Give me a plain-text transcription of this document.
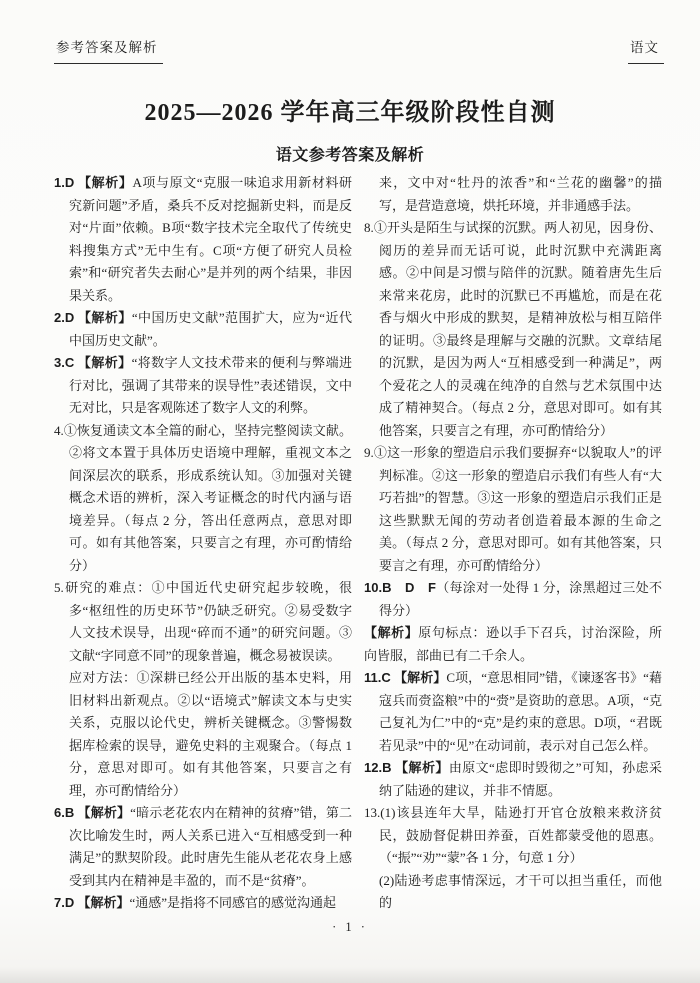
参考答案及解析	语文
2025—2026 学年高三年级阶段性自测
语文参考答案及解析
1.D 【解析】A项与原文“克服一味追求用新材料研究新问题”矛盾，桑兵不反对挖掘新史料，而是反对“片面”依赖。B项“数字技术完全取代了传统史料搜集方式”无中生有。C项“方便了研究人员检索”和“研究者失去耐心”是并列的两个结果，非因果关系。
2.D 【解析】“中国历史文献”范围扩大，应为“近代中国历史文献”。
3.C 【解析】“将数字人文技术带来的便利与弊端进行对比，强调了其带来的误导性”表述错误，文中无对比，只是客观陈述了数字人文的利弊。
4.①恢复通读文本全篇的耐心，坚持完整阅读文献。②将文本置于具体历史语境中理解，重视文本之间深层次的联系，形成系统认知。③加强对关键概念术语的辨析，深入考证概念的时代内涵与语境差异。（每点 2 分，答出任意两点，意思对即可。如有其他答案，只要言之有理，亦可酌情给分）
5.研究的难点：①中国近代史研究起步较晚，很多“枢纽性的历史环节”仍缺乏研究。②易受数字人文技术误导，出现“碎而不通”的研究问题。③文献“字同意不同”的现象普遍，概念易被误读。
应对方法：①深耕已经公开出版的基本史料，用旧材料出新观点。②以“语境式”解读文本与史实关系，克服以论代史，辨析关键概念。③警惕数据库检索的误导，避免史料的主观聚合。（每点 1 分，意思对即可。如有其他答案，只要言之有理，亦可酌情给分）
6.B 【解析】“暗示老花农内在精神的贫瘠”错，第二次比喻发生时，两人关系已进入“互相感受到一种满足”的默契阶段。此时唐先生能从老花农身上感受到其内在精神是丰盈的，而不是“贫瘠”。
7.D 【解析】“通感”是指将不同感官的感觉沟通起
来，文中对“牡丹的浓香”和“兰花的幽馨”的描写，是营造意境，烘托环境，并非通感手法。
8.①开头是陌生与试探的沉默。两人初见，因身份、阅历的差异而无话可说，此时沉默中充满距离感。②中间是习惯与陪伴的沉默。随着唐先生后来常来花房，此时的沉默已不再尴尬，而是在花香与烟火中形成的默契，是精神放松与相互陪伴的证明。③最终是理解与交融的沉默。文章结尾的沉默，是因为两人“互相感受到一种满足”，两个爱花之人的灵魂在纯净的自然与艺术氛围中达成了精神契合。（每点 2 分，意思对即可。如有其他答案，只要言之有理，亦可酌情给分）
9.①这一形象的塑造启示我们要摒弃“以貌取人”的评判标准。②这一形象的塑造启示我们有些人有“大巧若拙”的智慧。③这一形象的塑造启示我们正是这些默默无闻的劳动者创造着最本源的生命之美。（每点 2 分，意思对即可。如有其他答案，只要言之有理，亦可酌情给分）
10.B　D　F（每涂对一处得 1 分，涂黑超过三处不得分）
【解析】原句标点：逊以手下召兵，讨治深险，所向皆服，部曲已有二千余人。
11.C 【解析】C项，“意思相同”错，《谏逐客书》“藉寇兵而赍盗粮”中的“赍”是资助的意思。A项，“克己复礼为仁”中的“克”是约束的意思。D项，“君既若见录”中的“见”在动词前，表示对自己怎么样。
12.B 【解析】由原文“虑即时毁彻之”可知，孙虑采纳了陆逊的建议，并非不情愿。
13.(1)该县连年大旱，陆逊打开官仓放粮来救济贫民，鼓励督促耕田养蚕，百姓都蒙受他的恩惠。（“振”“劝”“蒙”各 1 分，句意 1 分）
(2)陆逊考虑事情深远，才干可以担当重任，而他的
· 1 ·
